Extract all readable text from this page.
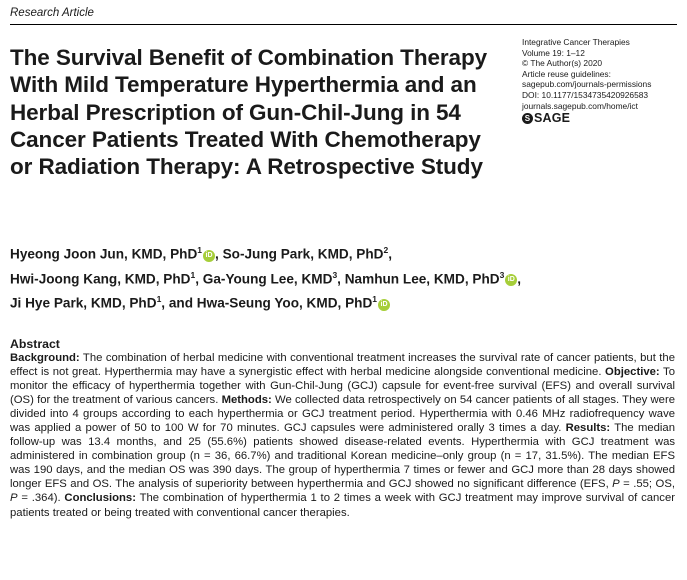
Research Article
The Survival Benefit of Combination Therapy With Mild Temperature Hyperthermia and an Herbal Prescription of Gun-Chil-Jung in 54 Cancer Patients Treated With Chemotherapy or Radiation Therapy: A Retrospective Study
Integrative Cancer Therapies
Volume 19: 1–12
© The Author(s) 2020
Article reuse guidelines:
sagepub.com/journals-permissions
DOI: 10.1177/1534735420926583
journals.sagepub.com/home/ict
S SAGE
Hyeong Joon Jun, KMD, PhD$^1$iD , So-Jung Park, KMD, PhD$^2$,
Hwi-Joong Kang, KMD, PhD$^1$, Ga-Young Lee, KMD$^3$, Namhun Lee, KMD, PhD$^3$iD ,
Ji Hye Park, KMD, PhD$^1$, and Hwa-Seung Yoo, KMD, PhD$^1$iD
Abstract
Background: The combination of herbal medicine with conventional treatment increases the survival rate of cancer patients, but the effect is not great. Hyperthermia may have a synergistic effect with herbal medicine alongside conventional medicine. Objective: To monitor the efficacy of hyperthermia together with Gun-Chil-Jung (GCJ) capsule for event-free survival (EFS) and overall survival (OS) for the treatment of various cancers. Methods: We collected data retrospectively on 54 cancer patients of all stages. They were divided into 4 groups according to each hyperthermia or GCJ treatment period. Hyperthermia with 0.46 MHz radiofrequency wave was applied a power of 50 to 100 W for 70 minutes. GCJ capsules were administered orally 3 times a day. Results: The median follow-up was 13.4 months, and 25 (55.6%) patients showed disease-related events. Hyperthermia with GCJ treatment was administered in combination group (n = 36, 66.7%) and traditional Korean medicine–only group (n = 17, 31.5%). The median EFS was 190 days, and the median OS was 390 days. The group of hyperthermia 7 times or fewer and GCJ more than 28 days showed longer EFS and OS. The analysis of superiority between hyperthermia and GCJ showed no significant difference (EFS, P = .55; OS, P = .364). Conclusions: The combination of hyperthermia 1 to 2 times a week with GCJ treatment may improve survival of cancer patients treated or being treated with conventional cancer therapies.
